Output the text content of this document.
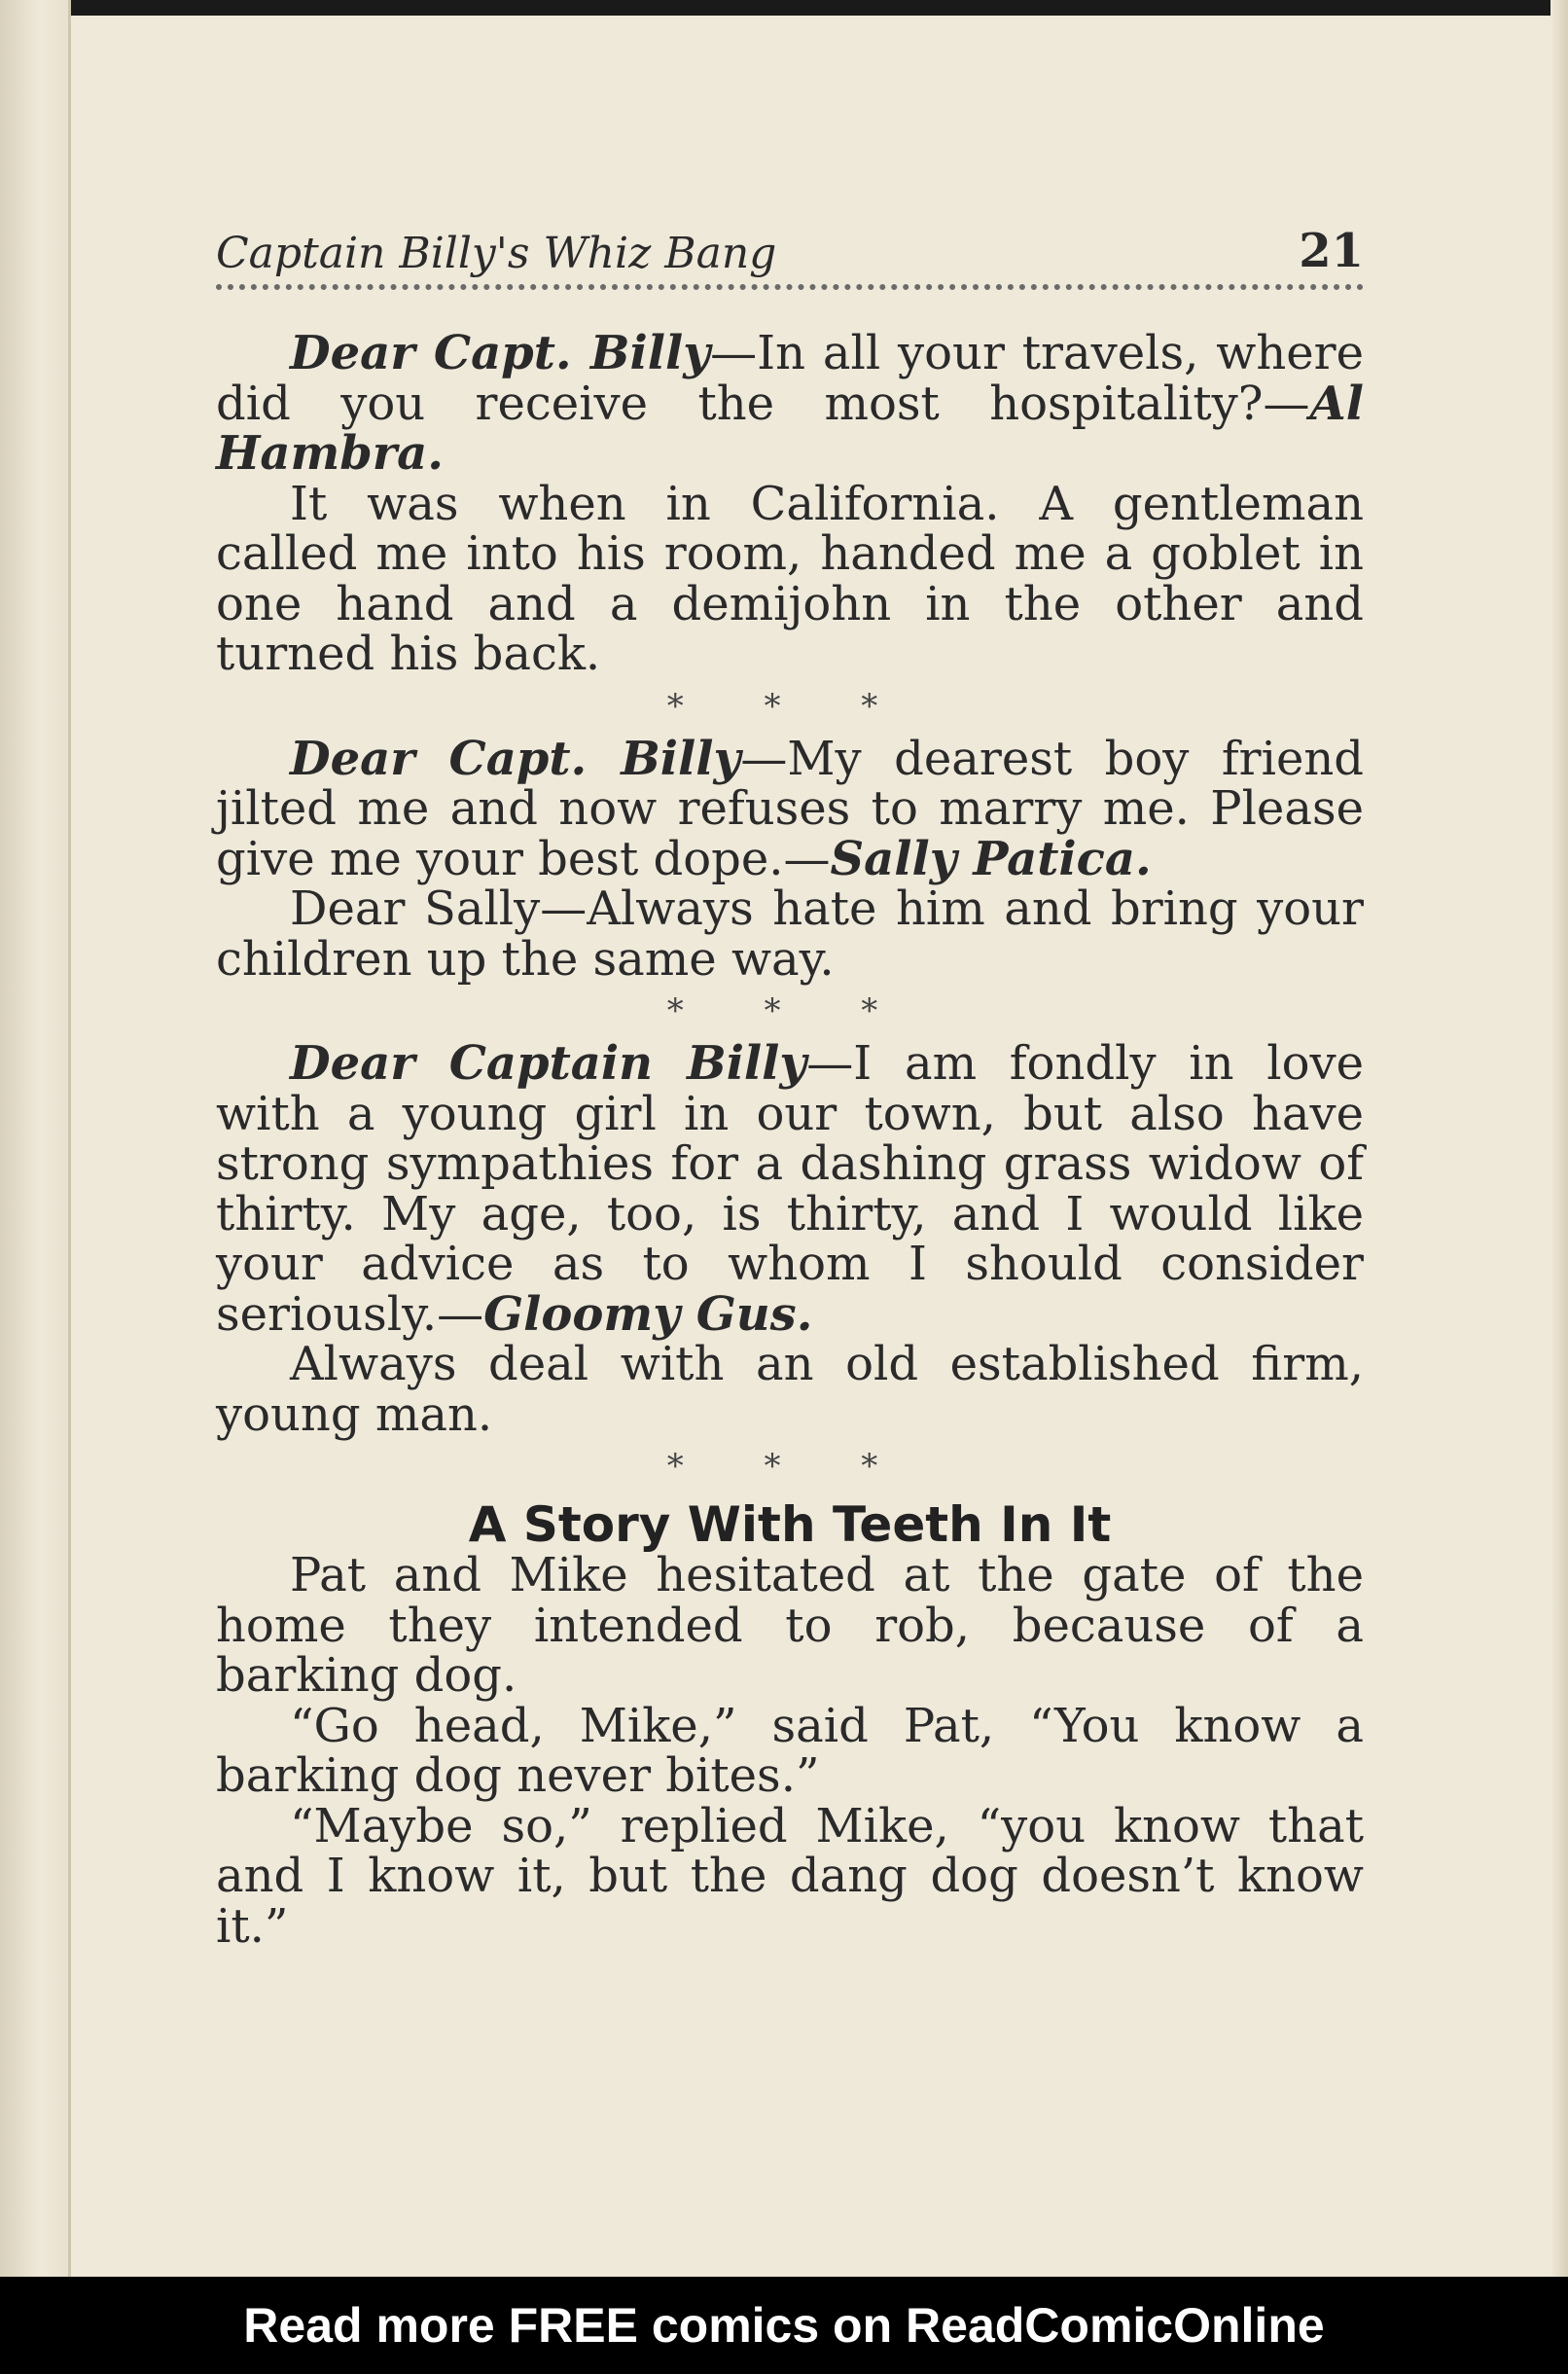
Captain Billy's Whiz Bang	21

Dear Capt. Billy—In all your travels, where did you receive the most hospitality?—Al Hambra.

It was when in California. A gentleman called me into his room, handed me a goblet in one hand and a demijohn in the other and turned his back.

* * *

Dear Capt. Billy—My dearest boy friend jilted me and now refuses to marry me. Please give me your best dope.—Sally Patica.

Dear Sally—Always hate him and bring your children up the same way.

* * *

Dear Captain Billy—I am fondly in love with a young girl in our town, but also have strong sympathies for a dashing grass widow of thirty. My age, too, is thirty, and I would like your advice as to whom I should consider seriously.—Gloomy Gus.

Always deal with an old established firm, young man.

* * *
A Story With Teeth In It

Pat and Mike hesitated at the gate of the home they intended to rob, because of a barking dog.

“Go head, Mike,” said Pat, “You know a barking dog never bites.”

“Maybe so,” replied Mike, “you know that and I know it, but the dang dog doesn’t know it.”

Read more FREE comics on ReadComicOnline
